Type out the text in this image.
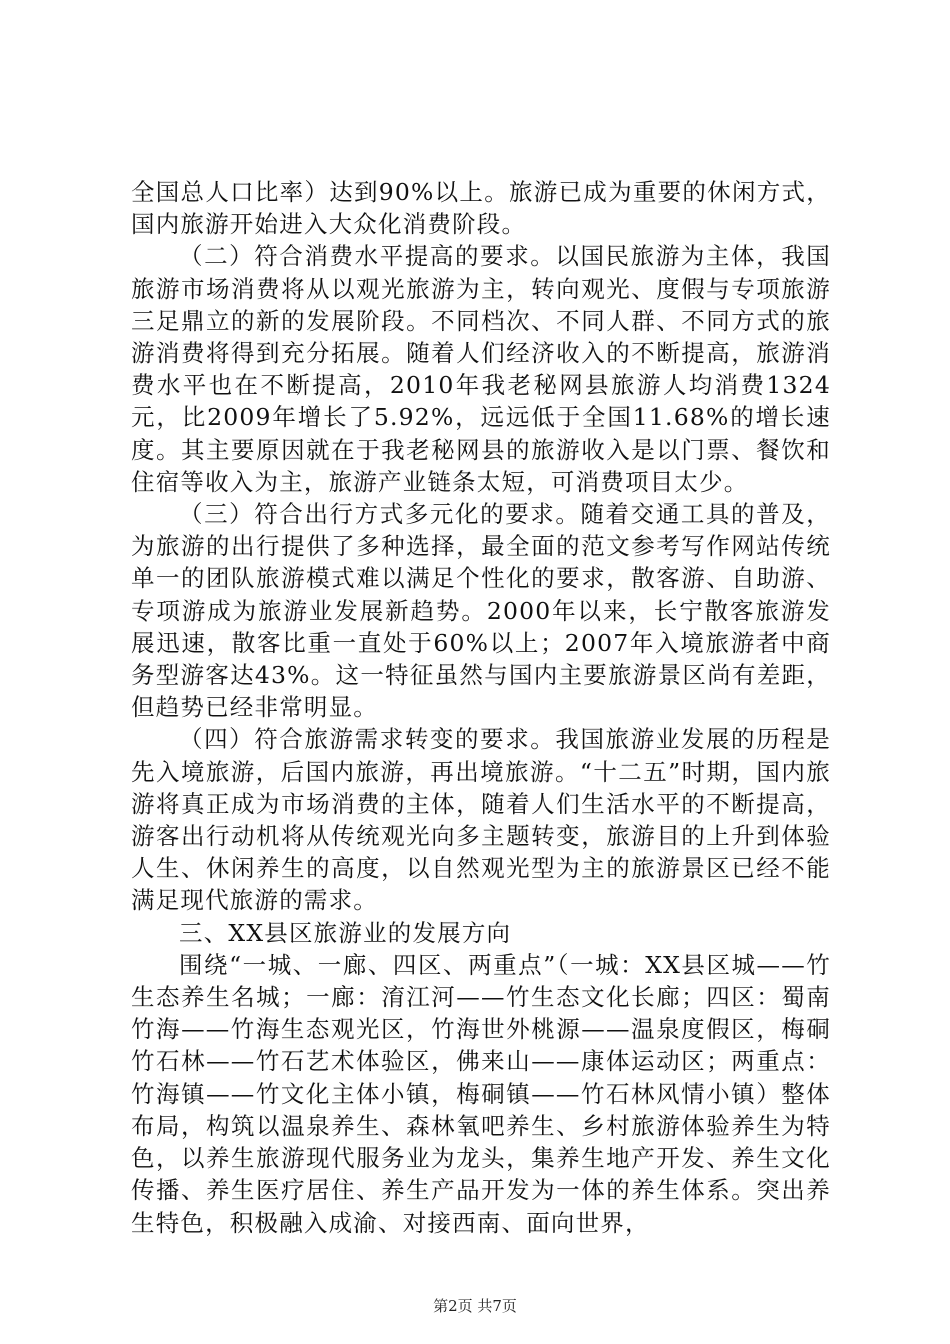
全国总人口比率）达到90%以上。旅游已成为重要的休闲方式，国内旅游开始进入大众化消费阶段。

（二）符合消费水平提高的要求。以国民旅游为主体，我国旅游市场消费将从以观光旅游为主，转向观光、度假与专项旅游三足鼎立的新的发展阶段。不同档次、不同人群、不同方式的旅游消费将得到充分拓展。随着人们经济收入的不断提高，旅游消费水平也在不断提高，2010年我老秘网县旅游人均消费1324元，比2009年增长了5.92%，远远低于全国11.68%的增长速度。其主要原因就在于我老秘网县的旅游收入是以门票、餐饮和住宿等收入为主，旅游产业链条太短，可消费项目太少。

（三）符合出行方式多元化的要求。随着交通工具的普及，为旅游的出行提供了多种选择，最全面的范文参考写作网站传统单一的团队旅游模式难以满足个性化的要求，散客游、自助游、专项游成为旅游业发展新趋势。2000年以来，长宁散客旅游发展迅速，散客比重一直处于60%以上；2007年入境旅游者中商务型游客达43%。这一特征虽然与国内主要旅游景区尚有差距，但趋势已经非常明显。

（四）符合旅游需求转变的要求。我国旅游业发展的历程是先入境旅游，后国内旅游，再出境旅游。“十二五”时期，国内旅游将真正成为市场消费的主体，随着人们生活水平的不断提高，游客出行动机将从传统观光向多主题转变，旅游目的上升到体验人生、休闲养生的高度，以自然观光型为主的旅游景区已经不能满足现代旅游的需求。

三、XX县区旅游业的发展方向

围绕“一城、一廊、四区、两重点”（一城：XX县区城——竹生态养生名城；一廊：淯江河——竹生态文化长廊；四区：蜀南竹海——竹海生态观光区，竹海世外桃源——温泉度假区，梅硐竹石林——竹石艺术体验区，佛来山——康体运动区；两重点：竹海镇——竹文化主体小镇，梅硐镇——竹石林风情小镇）整体布局，构筑以温泉养生、森林氧吧养生、乡村旅游体验养生为特色，以养生旅游现代服务业为龙头，集养生地产开发、养生文化传播、养生医疗居住、养生产品开发为一体的养生体系。突出养生特色，积极融入成渝、对接西南、面向世界，

第2页 共7页
